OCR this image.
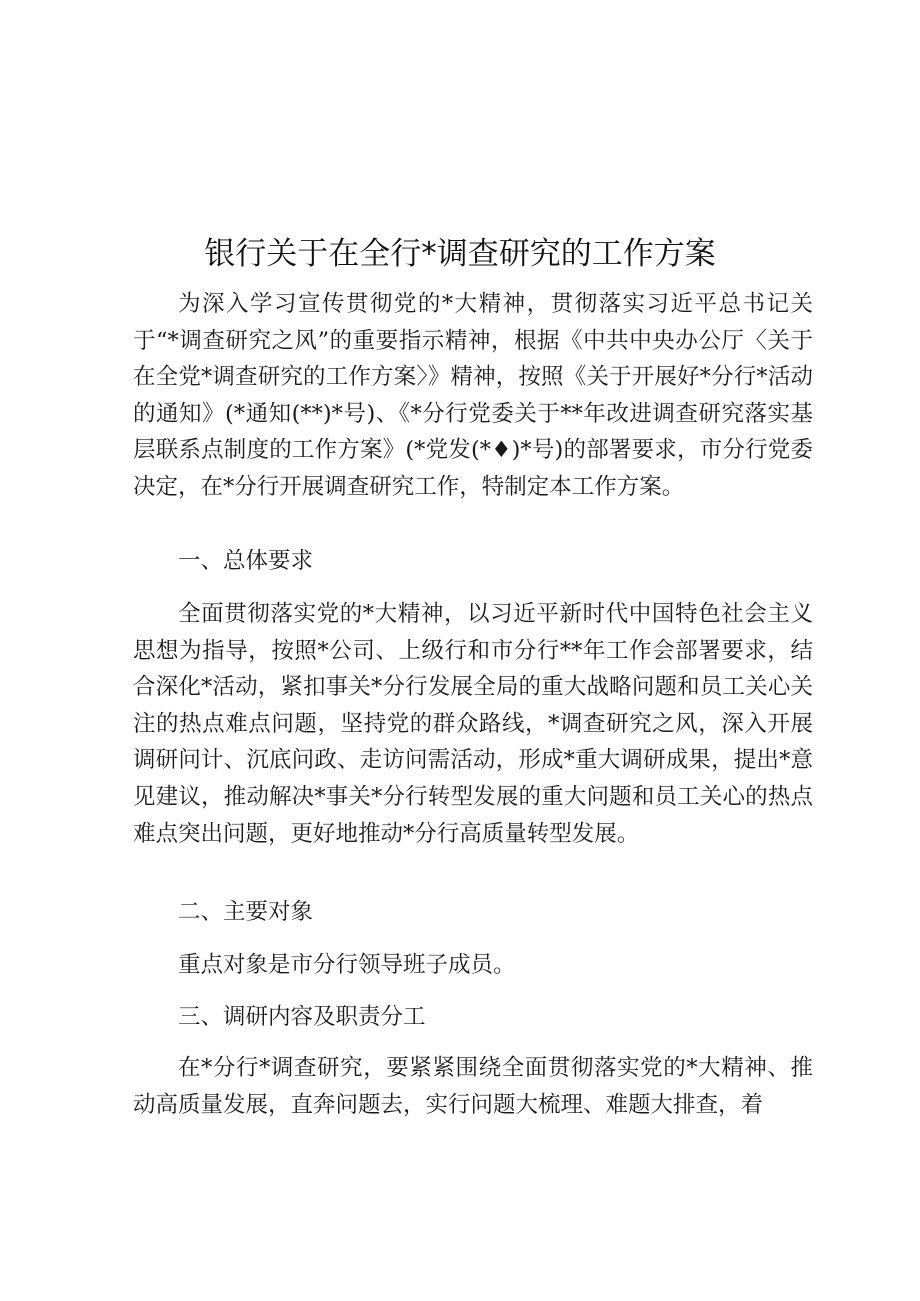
银行关于在全行*调查研究的工作方案
为深入学习宣传贯彻党的*大精神，贯彻落实习近平总书记关于“*调查研究之风”的重要指示精神，根据《中共中央办公厅〈关于在全党*调查研究的工作方案〉》精神，按照《关于开展好*分行*活动的通知》(*通知(**)*号)、《*分行党委关于**年改进调查研究落实基层联系点制度的工作方案》(*党发(*♦)*号)的部署要求，市分行党委决定，在*分行开展调查研究工作，特制定本工作方案。
一、总体要求
全面贯彻落实党的*大精神，以习近平新时代中国特色社会主义思想为指导，按照*公司、上级行和市分行**年工作会部署要求，结合深化*活动，紧扣事关*分行发展全局的重大战略问题和员工关心关注的热点难点问题，坚持党的群众路线，*调查研究之风，深入开展调研问计、沉底问政、走访问需活动，形成*重大调研成果，提出*意见建议，推动解决*事关*分行转型发展的重大问题和员工关心的热点难点突出问题，更好地推动*分行高质量转型发展。
二、主要对象
重点对象是市分行领导班子成员。
三、调研内容及职责分工
在*分行*调查研究，要紧紧围绕全面贯彻落实党的*大精神、推动高质量发展，直奔问题去，实行问题大梳理、难题大排查，着
